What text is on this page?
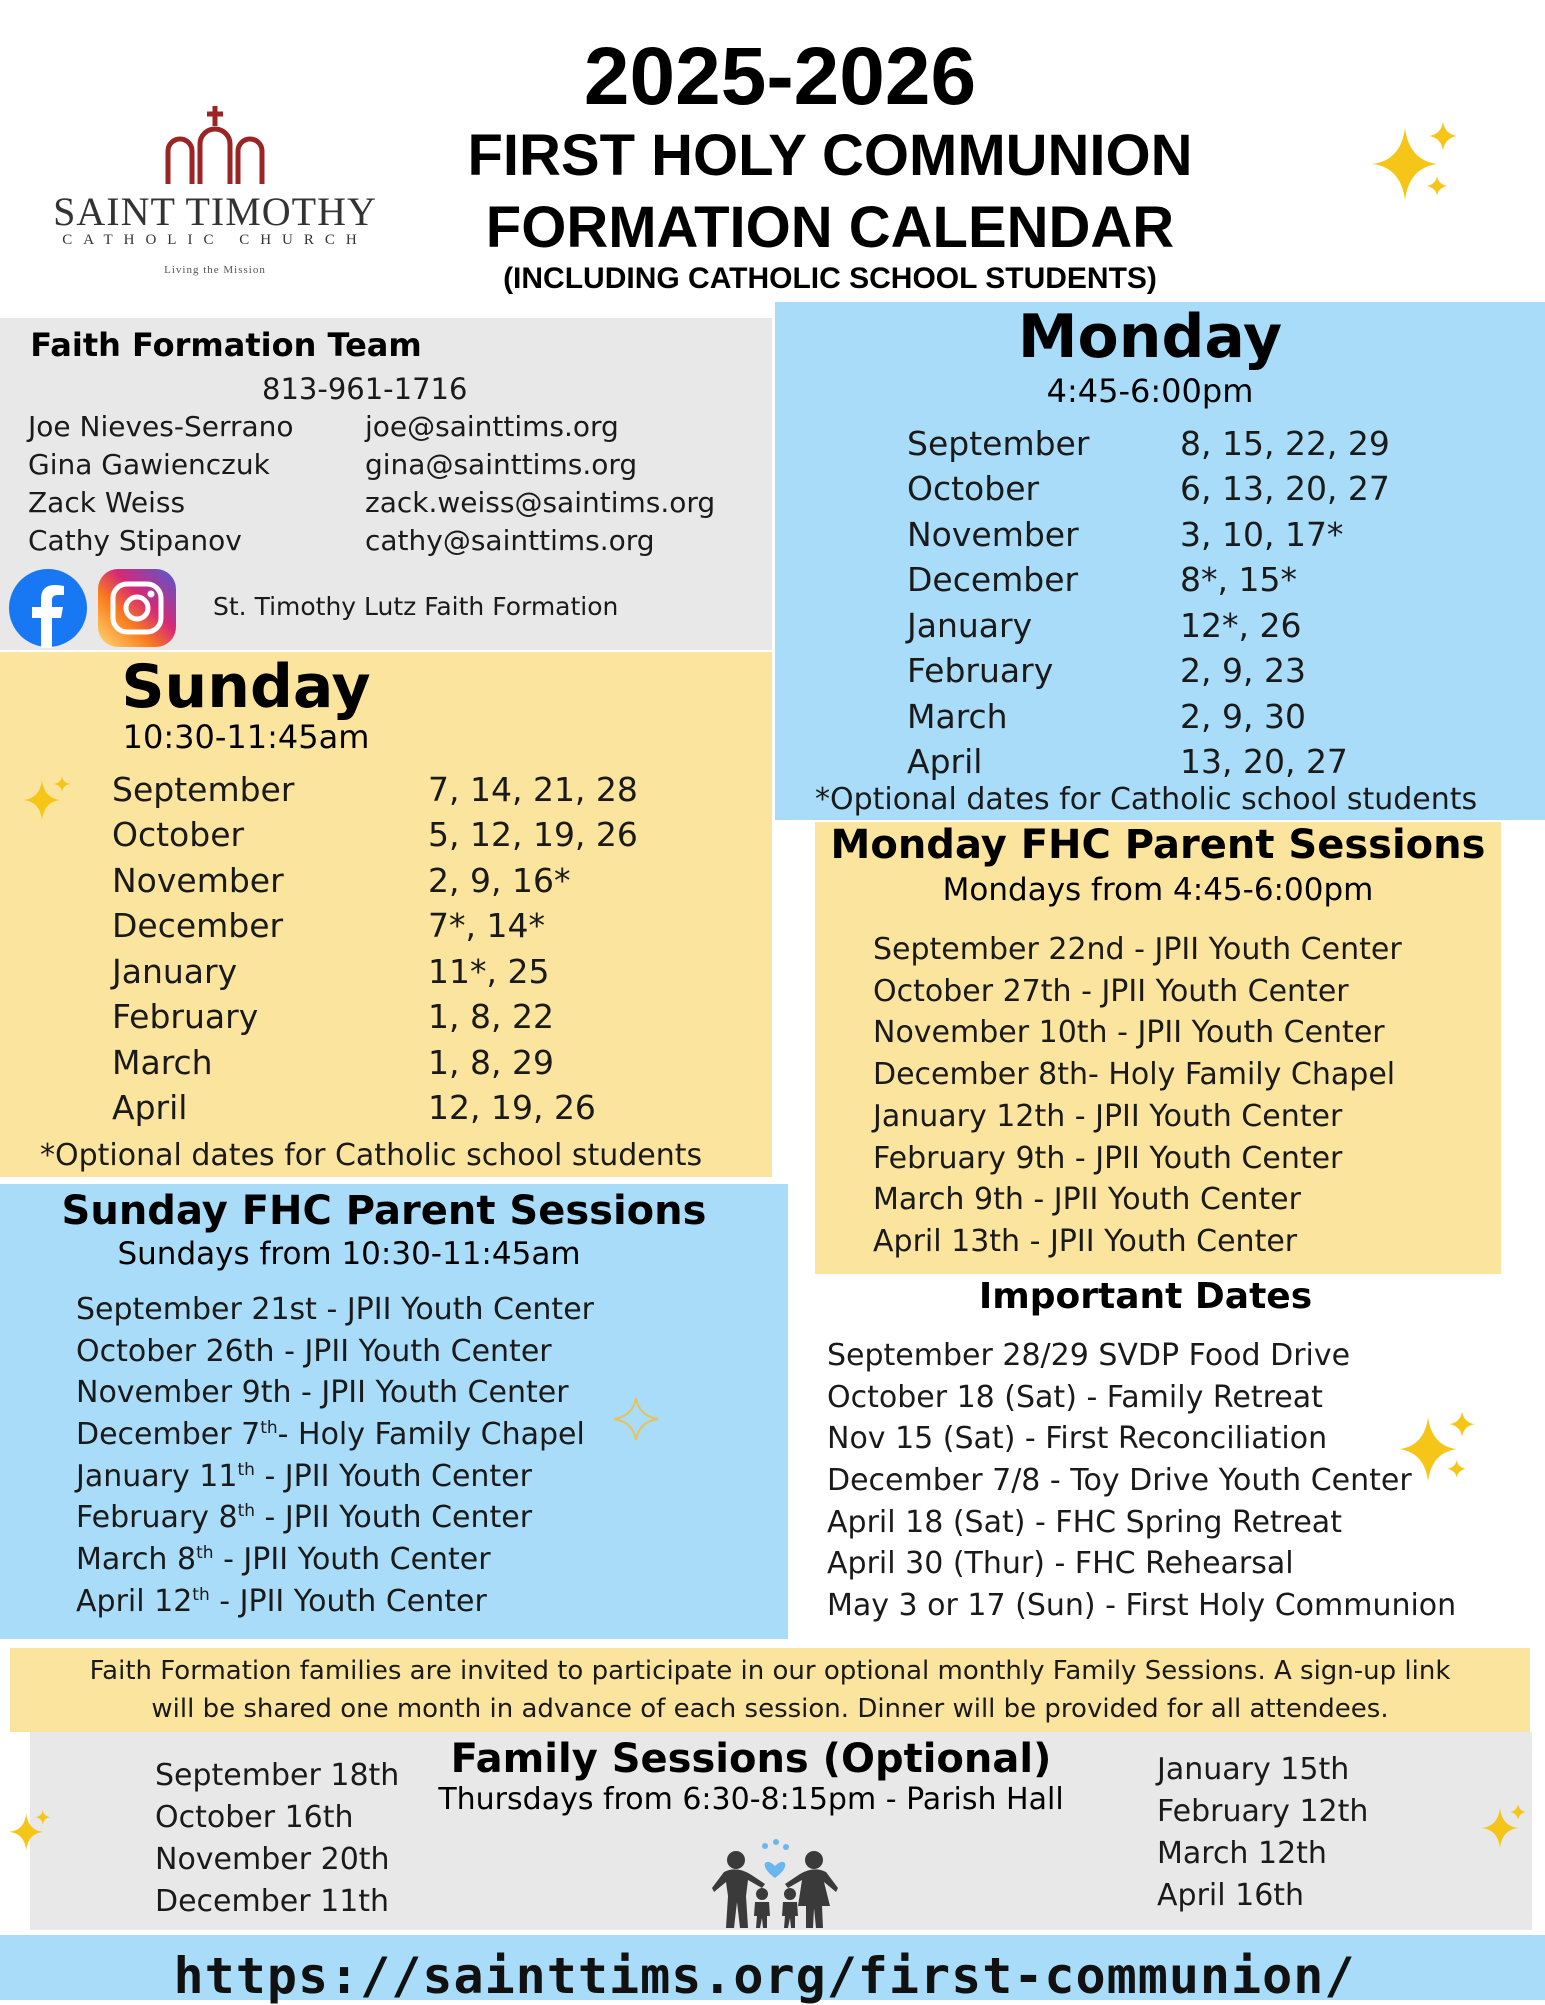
2025-2026
FIRST HOLY COMMUNION
FORMATION CALENDAR
(INCLUDING CATHOLIC SCHOOL STUDENTS)
SAINT TIMOTHY
CATHOLIC CHURCH
Living the Mission
Faith Formation Team
813-961-1716
Joe Nieves-Serrano	joe@sainttims.org
Gina Gawienczuk	gina@sainttims.org
Zack Weiss	zack.weiss@saintims.org
Cathy Stipanov	cathy@sainttims.org
St. Timothy Lutz Faith Formation
Sunday
10:30-11:45am
September	7, 14, 21, 28
October	5, 12, 19, 26
November	2, 9, 16*
December	7*, 14*
January	11*, 25
February	1, 8, 22
March	1, 8, 29
April	12, 19, 26
*Optional dates for Catholic school students
Monday
4:45-6:00pm
September	8, 15, 22, 29
October	6, 13, 20, 27
November	3, 10, 17*
December	8*, 15*
January	12*, 26
February	2, 9, 23
March	2, 9, 30
April	13, 20, 27
*Optional dates for Catholic school students
Monday FHC Parent Sessions
Mondays from 4:45-6:00pm
September 22nd - JPII Youth Center
October 27th - JPII Youth Center
November 10th - JPII Youth Center
December 8th- Holy Family Chapel
January 12th - JPII Youth Center
February 9th - JPII Youth Center
March 9th - JPII Youth Center
April 13th - JPII Youth Center
Sunday FHC Parent Sessions
Sundays from 10:30-11:45am
September 21st - JPII Youth Center
October 26th - JPII Youth Center
November 9th - JPII Youth Center
December 7th- Holy Family Chapel
January 11th - JPII Youth Center
February 8th - JPII Youth Center
March 8th - JPII Youth Center
April 12th - JPII Youth Center
Important Dates
September 28/29 SVDP Food Drive
October 18 (Sat) - Family Retreat
Nov 15 (Sat) - First Reconciliation
December 7/8 - Toy Drive Youth Center
April 18 (Sat) - FHC Spring Retreat
April 30 (Thur) - FHC Rehearsal
May 3 or 17 (Sun) - First Holy Communion
Faith Formation families are invited to participate in our optional monthly Family Sessions. A sign-up link
will be shared one month in advance of each session. Dinner will be provided for all attendees.
Family Sessions (Optional)
Thursdays from 6:30-8:15pm - Parish Hall
September 18th
October 16th
November 20th
December 11th
January 15th
February 12th
March 12th
April 16th
https://sainttims.org/first-communion/
